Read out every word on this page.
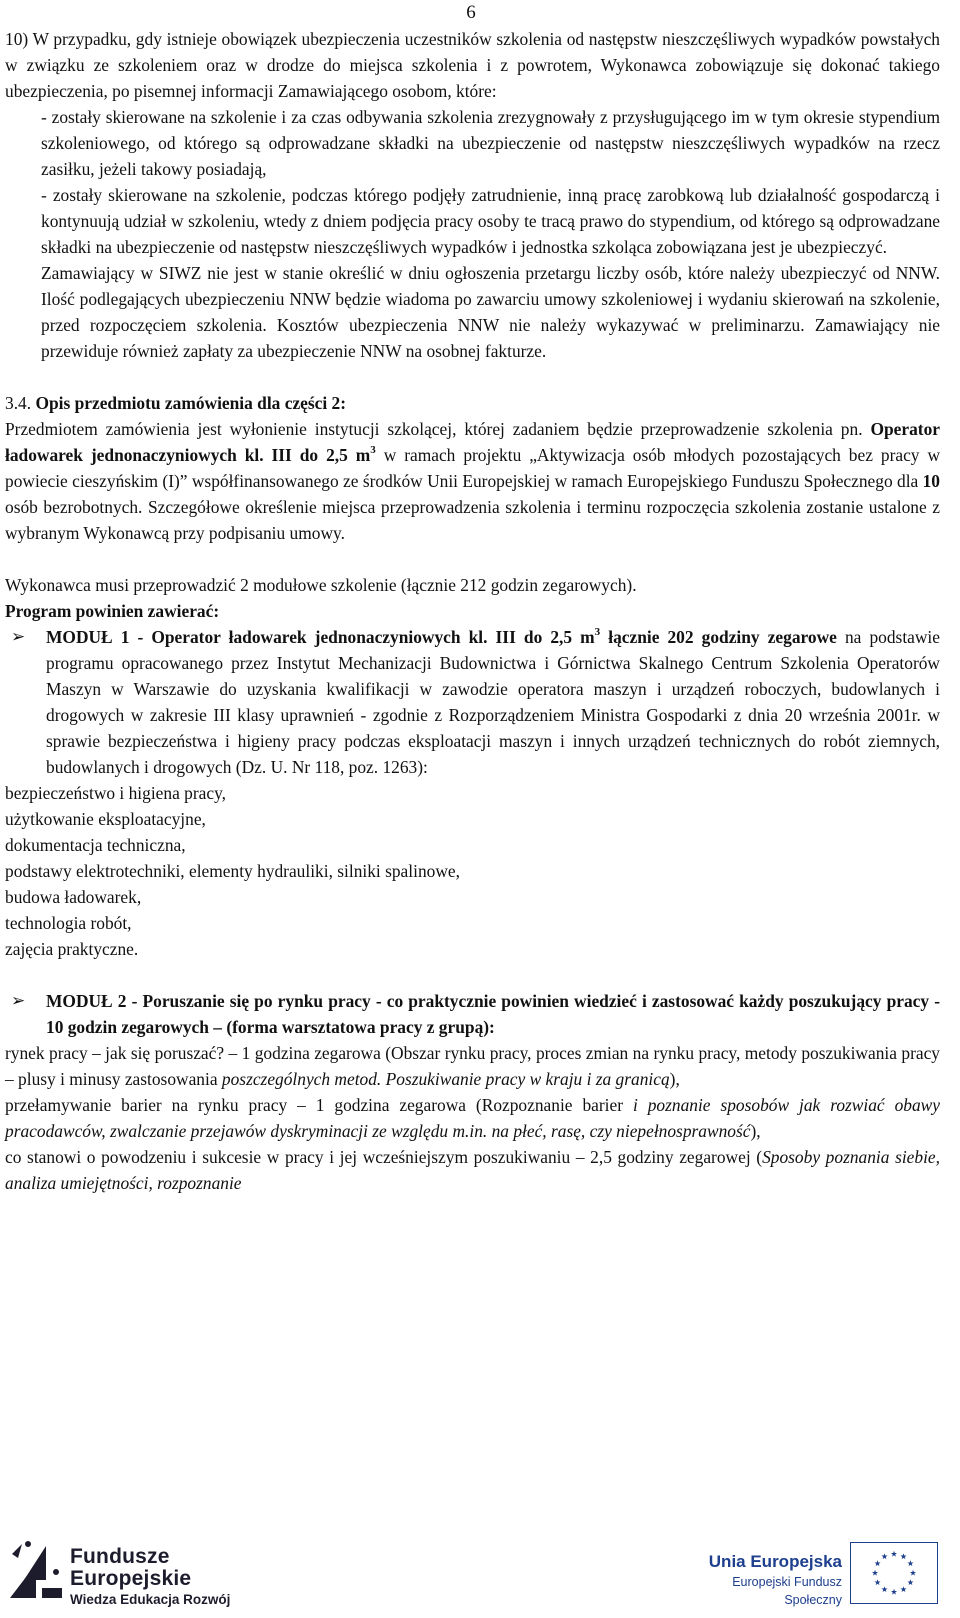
6

10) W przypadku, gdy istnieje obowiązek ubezpieczenia uczestników szkolenia od następstw nieszczęśliwych wypadków powstałych w związku ze szkoleniem oraz w drodze do miejsca szkolenia i z powrotem, Wykonawca zobowiązuje się dokonać takiego ubezpieczenia, po pisemnej informacji Zamawiającego osobom, które:

- zostały skierowane na szkolenie i za czas odbywania szkolenia zrezygnowały z przysługującego im w tym okresie stypendium szkoleniowego, od którego są odprowadzane składki na ubezpieczenie od następstw nieszczęśliwych wypadków na rzecz zasiłku, jeżeli takowy posiadają,

- zostały skierowane na szkolenie, podczas którego podjęły zatrudnienie, inną pracę zarobkową lub działalność gospodarczą i kontynuują udział w szkoleniu, wtedy z dniem podjęcia pracy osoby te tracą prawo do stypendium, od którego są odprowadzane składki na ubezpieczenie od następstw nieszczęśliwych wypadków i jednostka szkoląca zobowiązana jest je ubezpieczyć.

Zamawiający w SIWZ nie jest w stanie określić w dniu ogłoszenia przetargu liczby osób, które należy ubezpieczyć od NNW. Ilość podlegających ubezpieczeniu NNW będzie wiadoma po zawarciu umowy szkoleniowej i wydaniu skierowań na szkolenie, przed rozpoczęciem szkolenia. Kosztów ubezpieczenia NNW nie należy wykazywać w preliminarzu. Zamawiający nie przewiduje również zapłaty za ubezpieczenie NNW na osobnej fakturze.

3.4. Opis przedmiotu zamówienia dla części 2:

Przedmiotem zamówienia jest wyłonienie instytucji szkolącej, której zadaniem będzie przeprowadzenie szkolenia pn. Operator ładowarek jednonaczyniowych kl. III do 2,5 $m^3$ w ramach projektu „Aktywizacja osób młodych pozostających bez pracy w powiecie cieszyńskim (I)” współfinansowanego ze środków Unii Europejskiej w ramach Europejskiego Funduszu Społecznego dla 10 osób bezrobotnych. Szczegółowe określenie miejsca przeprowadzenia szkolenia i terminu rozpoczęcia szkolenia zostanie ustalone z wybranym Wykonawcą przy podpisaniu umowy.

Wykonawca musi przeprowadzić 2 modułowe szkolenie (łącznie 212 godzin zegarowych).

Program powinien zawierać:

➢	MODUŁ 1 - Operator ładowarek jednonaczyniowych kl. III do 2,5 $m^3$ łącznie 202 godziny zegarowe na podstawie programu opracowanego przez Instytut Mechanizacji Budownictwa i Górnictwa Skalnego Centrum Szkolenia Operatorów Maszyn w Warszawie do uzyskania kwalifikacji w zawodzie operatora maszyn i urządzeń roboczych, budowlanych i drogowych w zakresie III klasy uprawnień - zgodnie z Rozporządzeniem Ministra Gospodarki z dnia 20 września 2001r. w sprawie bezpieczeństwa i higieny pracy podczas eksploatacji maszyn i innych urządzeń technicznych do robót ziemnych, budowlanych i drogowych (Dz. U. Nr 118, poz. 1263):

bezpieczeństwo i higiena pracy,
użytkowanie eksploatacyjne,
dokumentacja techniczna,
podstawy elektrotechniki, elementy hydrauliki, silniki spalinowe,
budowa ładowarek,
technologia robót,
zajęcia praktyczne.
➢	MODUŁ 2 - Poruszanie się po rynku pracy - co praktycznie powinien wiedzieć i zastosować każdy poszukujący pracy - 10 godzin zegarowych – (forma warsztatowa pracy z grupą):

rynek pracy – jak się poruszać? – 1 godzina zegarowa (Obszar rynku pracy, proces zmian na rynku pracy, metody poszukiwania pracy – plusy i minusy zastosowania poszczególnych metod. Poszukiwanie pracy w kraju i za granicą),
przełamywanie barier na rynku pracy – 1 godzina zegarowa (Rozpoznanie barier i poznanie sposobów jak rozwiać obawy pracodawców, zwalczanie przejawów dyskryminacji ze względu m.in. na płeć, rasę, czy niepełnosprawność),
co stanowi o powodzeniu i sukcesie w pracy i jej wcześniejszym poszukiwaniu – 2,5 godziny zegarowej (Sposoby poznania siebie, analiza umiejętności, rozpoznanie
Fundusze
Europejskie
Wiedza Edukacja Rozwój
Unia Europejska
Europejski Fundusz Społeczny
